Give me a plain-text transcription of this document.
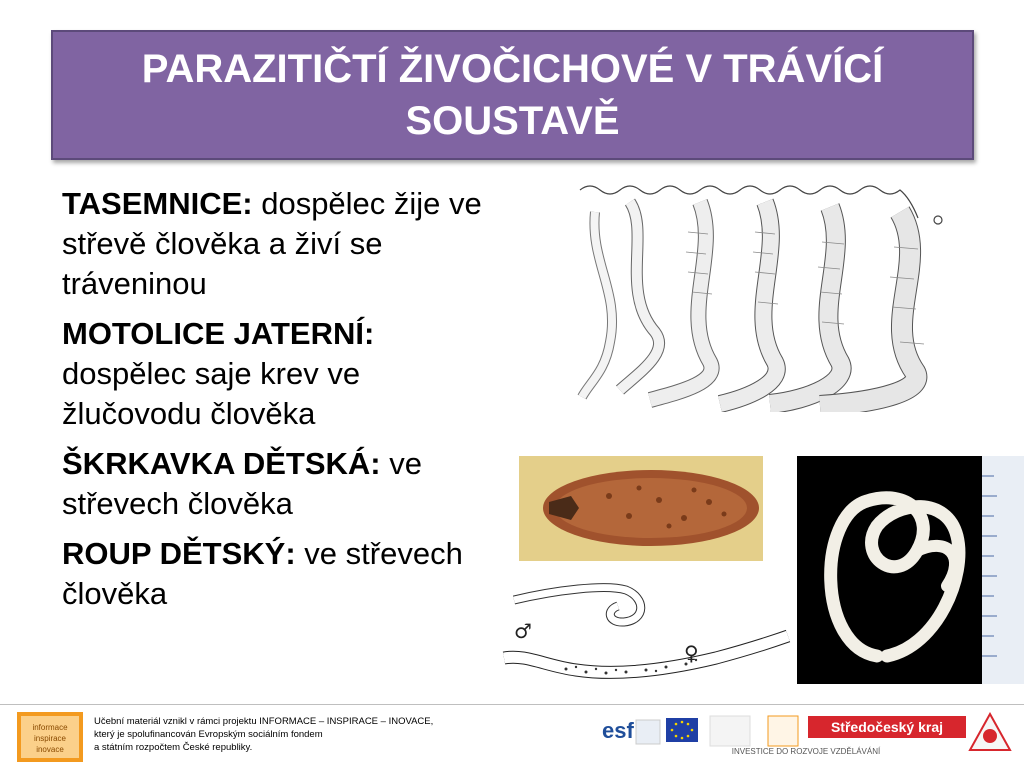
PARAZITIČTÍ ŽIVOČICHOVÉ V TRÁVÍCÍ SOUSTAVĚ

TASEMNICE: dospělec žije ve střevě člověka a živí se tráveninou

MOTOLICE JATERNÍ: dospělec saje krev ve žlučovodu člověka

ŠKRKAVKA DĚTSKÁ: ve střevech člověka

ROUP DĚTSKÝ: ve střevech člověka

♂
♀
informace
inspirace
inovace
Učební materiál vznikl v rámci projektu INFORMACE – INSPIRACE – INOVACE,
který je spolufinancován Evropským sociálním fondem
a státním rozpočtem České republiky.
esf	Středočeský kraj
INVESTICE DO ROZVOJE VZDĚLÁVÁNÍ
